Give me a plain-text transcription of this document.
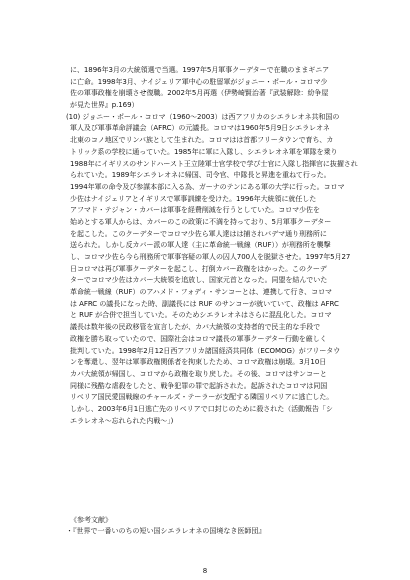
に、1896年3月の大統領選で当選。1997年5月軍事クーデターで在職のままギニア
に亡命。1998年3月、ナイジェリア軍中心の駐留軍がジョニー・ポール・コロマ少
佐の軍事政権を崩壊させ復職。2002年5月再選（伊勢崎賢治著『武装解除：紛争屋
が見た世界』p.169）
(10) ジョニー・ポール・コロマ（1960〜2003）は西アフリカのシエラレオネ共和国の
軍人及び軍事革命評議会（AFRC）の元議長。コロマは1960年5月9日シエラレオネ
北東のコノ地区でリンバ族として生まれた。コロマはは首都フリータウンで育ち、カ
トリック系の学校に通っていた。1985年に軍に入隊し、シエラレオネ軍を軍隊を乗り
1988年にイギリスのサンドハースト王立陸軍士官学校で学び士官に入隊し指揮官に抜擢され
られていた。1989年シエラレオネに帰国、司令官、中隊長と昇進を重ねて行った。
1994年軍の命令及び参謀本部に入る為、ガーナのテンにある軍の大学に行った。コロマ
少佐はナイジェリアとイギリスで軍事訓練を受けた。1996年大統領に就任した
アフマド・テジャン・カバーは軍事を経費削減を行うとしていた。コロマ少佐を
始めとする軍人からは、カバーのこの政策に不満を持っており、5月軍事クーデター
を起こした。このクーデターでコロマ少佐ら軍人達はは捕されバデマ通り刑務所に
送られた。しかし反カバー派の軍人達（主に革命統一戦線（RUF））が刑務所を襲撃
し、コロマ少佐ら今ら刑務所で軍事容疑の軍人の囚人700人を脱獄させた。1997年5月27
日コロマは再び軍事クーデターを起こし、打倒カバー政権をはかった。このクーデ
ターでコロマ少佐はカバー大統領を追放し、国家元首となった。同盟を結んでいた
革命統一戦線（RUF）のアハメド・フォディ・サンコーとは、連携して行き、コロマ
は AFRC の議長になった時、副議長には RUF のサンコーが就いていて、政権は AFRC
と RUF が合併で担当していた。そのためシエラレオネはさらに混乱化した。コロマ
議長は数年後の民政移管を宣言したが、カバ大統領の支持者的で民主的な手段で
政権を勝ち取っていたので、国際社会はコロマ議長の軍事クーデター行動を厳しく
批判していた。1998年2月12日西アフリカ諸国経済共同体（ECOMOG）がフリータウ
ンを奪還し、翌年は軍事政権関係者を拘束したため、コロマ政権は崩壊。3月10日
カバ大統領が帰国し、コロマから政権を取り戻した。その後、コロマはサンコーと
同様に残酷な虐殺をしたと、戦争犯罪の罪で起訴された。起訴されたコロマは同国
リベリア国民愛国戦線のチャールズ・テーラーが支配する隣国リベリアに逃亡した。
しかし、2003年6月1日逃亡先のリベリアで口封じのために殺された（活動報告「シ
エラレオネ〜忘れられた内戦〜」)
《参考文献》
・『世界で一番いのちの短い国シエラレオネの国境なき医師団』
8
